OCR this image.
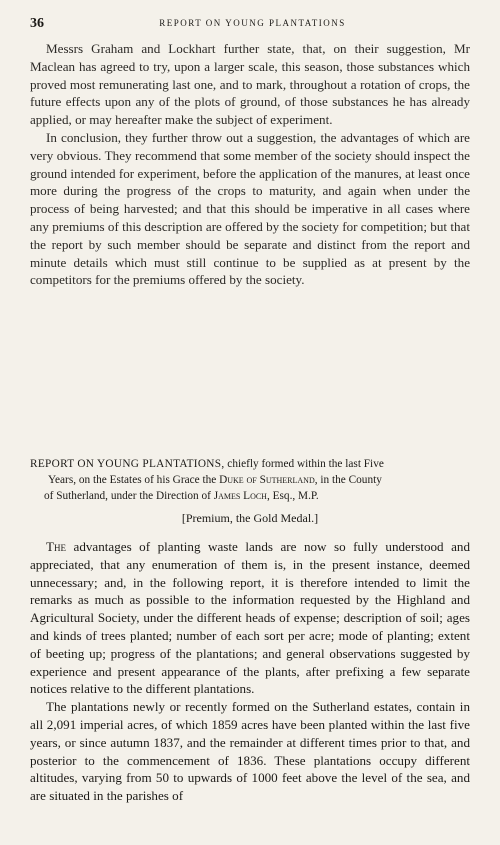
36	REPORT ON YOUNG PLANTATIONS

Messrs Graham and Lockhart further state, that, on their suggestion, Mr Maclean has agreed to try, upon a larger scale, this season, those substances which proved most remunerating last one, and to mark, throughout a rotation of crops, the future effects upon any of the plots of ground, of those substances he has already applied, or may hereafter make the subject of experiment.

In conclusion, they further throw out a suggestion, the advantages of which are very obvious. They recommend that some member of the society should inspect the ground intended for experiment, before the application of the manures, at least once more during the progress of the crops to maturity, and again when under the process of being harvested; and that this should be imperative in all cases where any premiums of this description are offered by the society for competition; but that the report by such member should be separate and distinct from the report and minute details which must still continue to be supplied as at present by the competitors for the premiums offered by the society.

REPORT ON YOUNG PLANTATIONS, chiefly formed within the last Five
Years, on the Estates of his Grace the Duke of Sutherland, in the County
of Sutherland, under the Direction of James Loch, Esq., M.P.
[Premium, the Gold Medal.]

The advantages of planting waste lands are now so fully understood and appreciated, that any enumeration of them is, in the present instance, deemed unnecessary; and, in the following report, it is therefore intended to limit the remarks as much as possible to the information requested by the Highland and Agricultural Society, under the different heads of expense; description of soil; ages and kinds of trees planted; number of each sort per acre; mode of planting; extent of beeting up; progress of the plantations; and general observations suggested by experience and present appearance of the plants, after prefixing a few separate notices relative to the different plantations.

The plantations newly or recently formed on the Sutherland estates, contain in all 2,091 imperial acres, of which 1859 acres have been planted within the last five years, or since autumn 1837, and the remainder at different times prior to that, and posterior to the commencement of 1836. These plantations occupy different altitudes, varying from 50 to upwards of 1000 feet above the level of the sea, and are situated in the parishes of
